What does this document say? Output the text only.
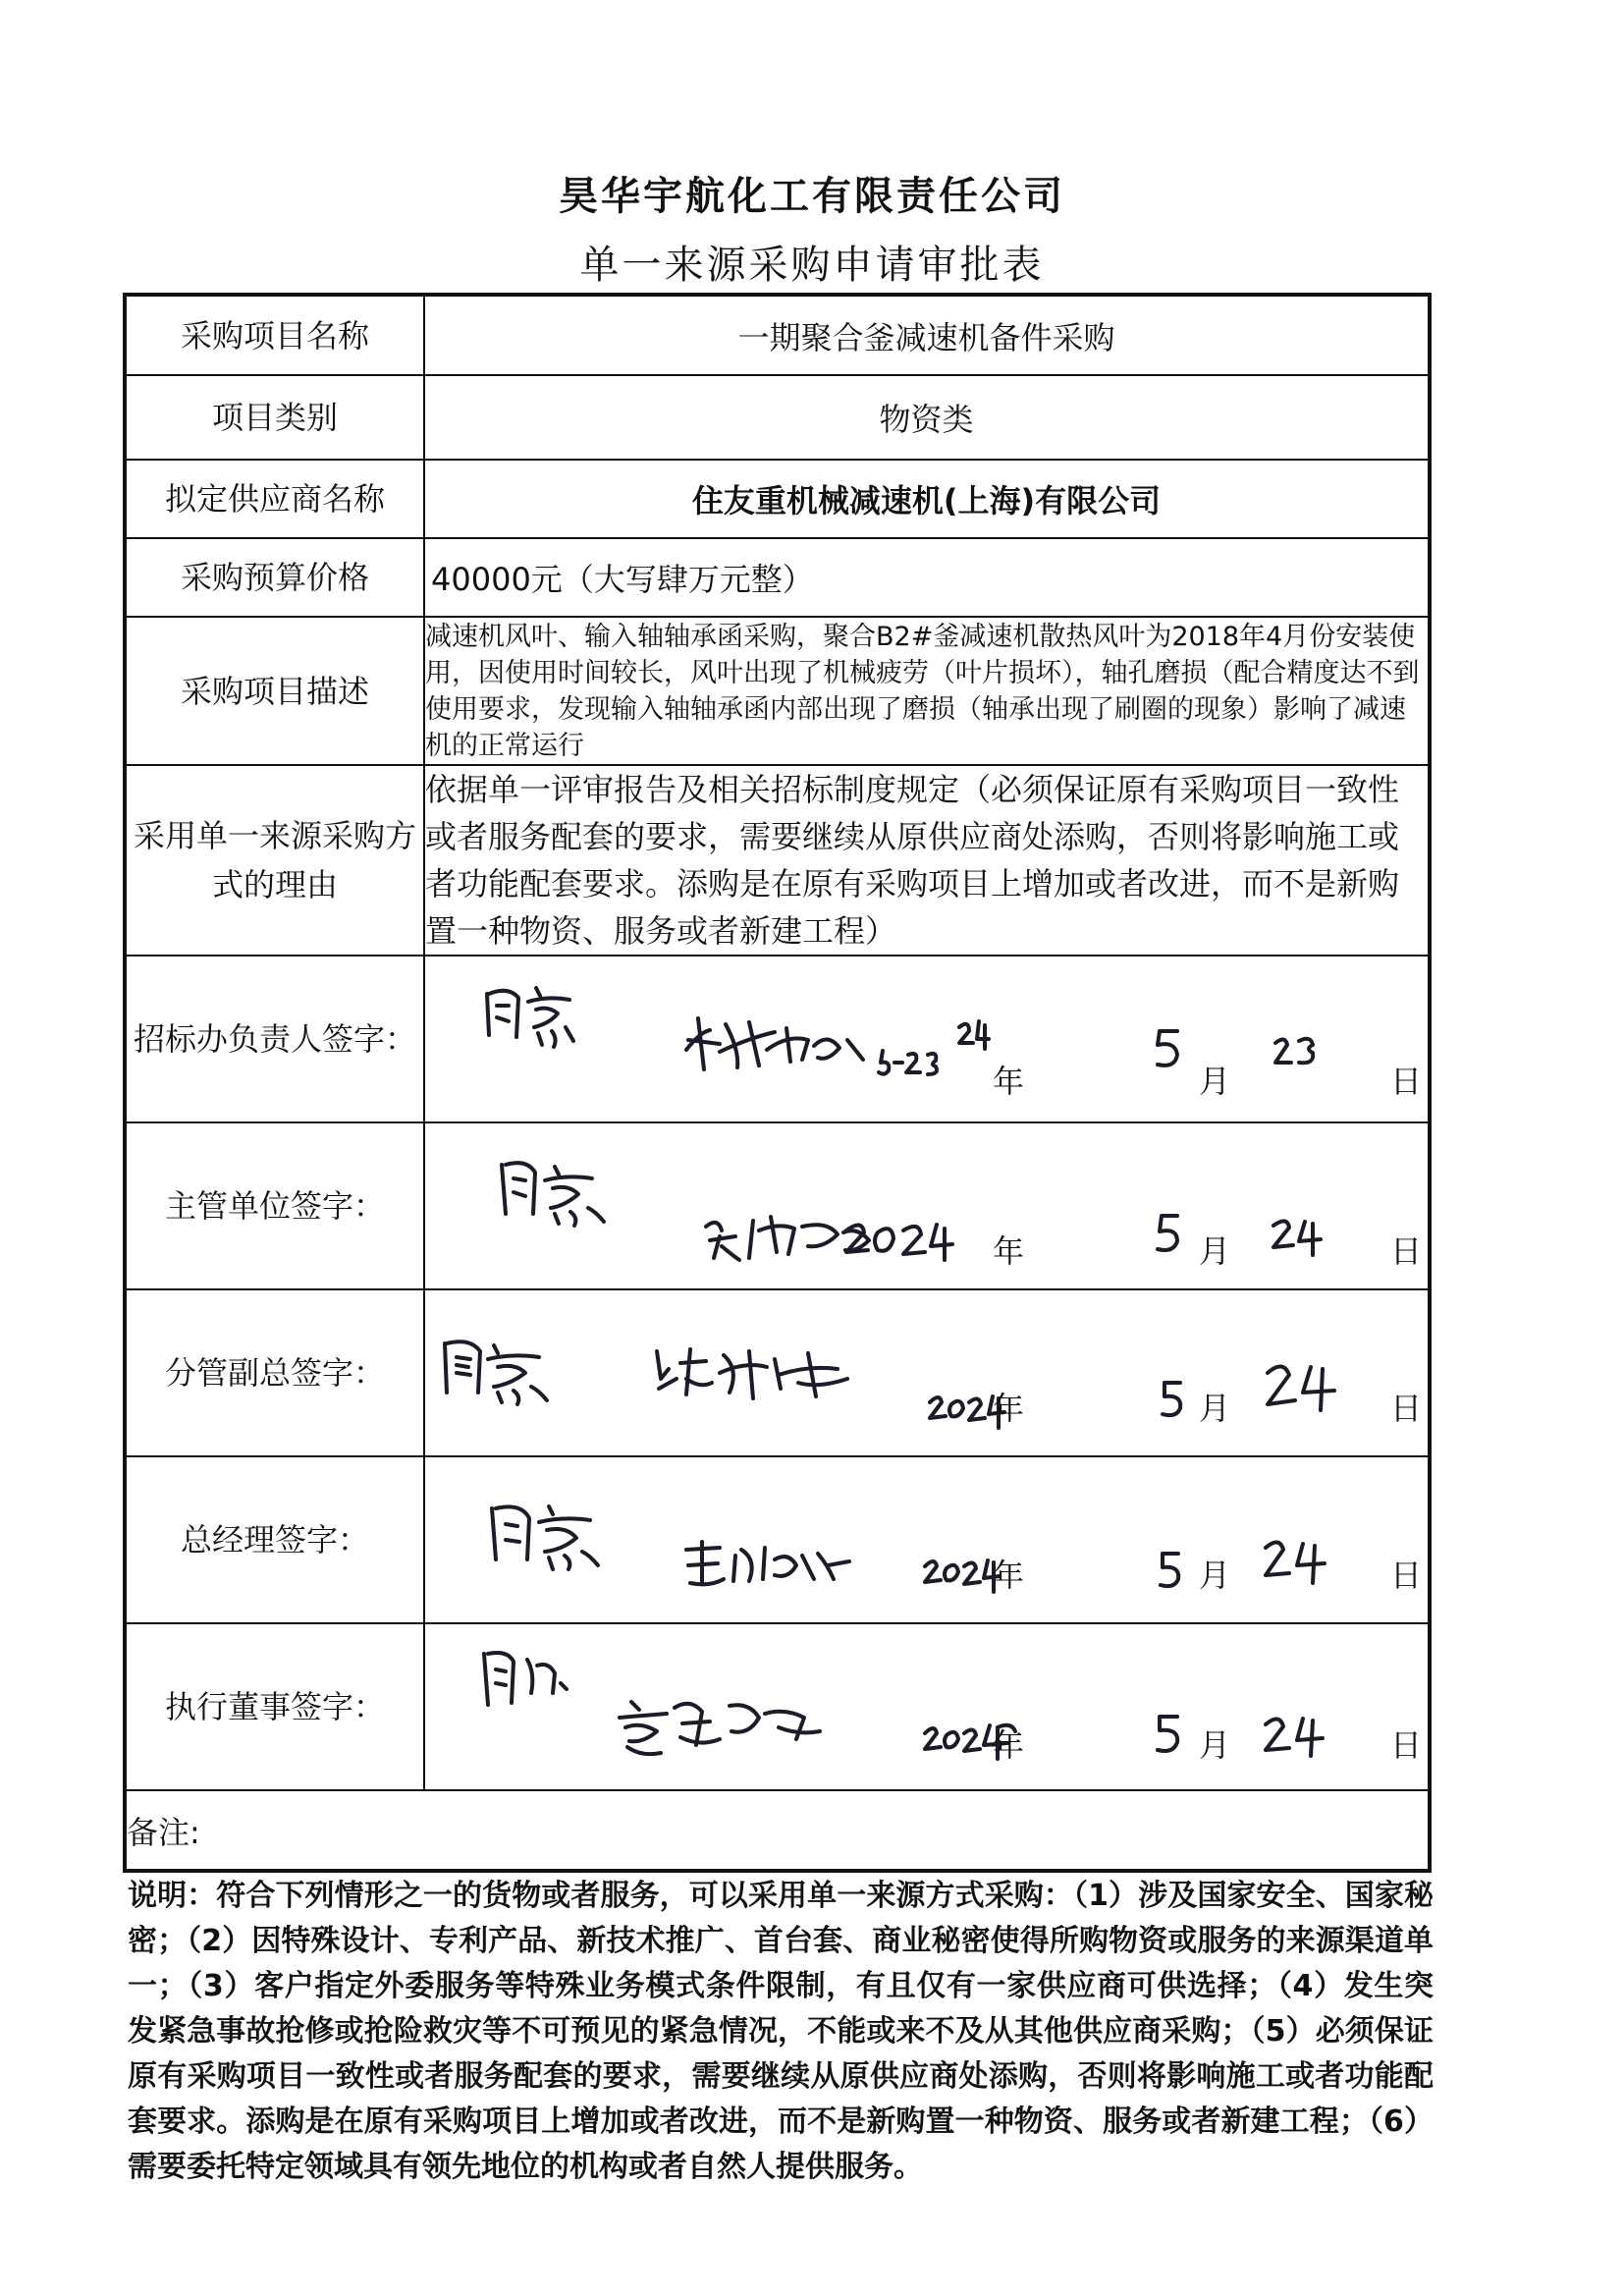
昊华宇航化工有限责任公司
单一来源采购申请审批表
采购项目名称	一期聚合釜减速机备件采购
项目类别	物资类
拟定供应商名称	住友重机械减速机(上海)有限公司
采购预算价格	40000元（大写肆万元整）
采购项目描述	减速机风叶、输入轴轴承函采购，聚合B2#釜减速机散热风叶为2018年4月份安装使用，因使用时间较长，风叶出现了机械疲劳（叶片损坏），轴孔磨损（配合精度达不到使用要求，发现输入轴轴承函内部出现了磨损（轴承出现了刷圈的现象）影响了减速机的正常运行
采用单一来源采购方式的理由	依据单一评审报告及相关招标制度规定（必须保证原有采购项目一致性或者服务配套的要求，需要继续从原供应商处添购，否则将影响施工或者功能配套要求。添购是在原有采购项目上增加或者改进，而不是新购置一种物资、服务或者新建工程）
招标办负责人签字：	年 月 日

主管单位签字：	年 月 日

分管副总签字：	年 月 日

总经理签字：	年 月 日

执行董事签字：	年 月 日

备注:	
说明：符合下列情形之一的货物或者服务，可以采用单一来源方式采购：（1）涉及国家安全、国家秘密；（2）因特殊设计、专利产品、新技术推广、首台套、商业秘密使得所购物资或服务的来源渠道单一；（3）客户指定外委服务等特殊业务模式条件限制，有且仅有一家供应商可供选择；（4）发生突发紧急事故抢修或抢险救灾等不可预见的紧急情况，不能或来不及从其他供应商采购；（5）必须保证原有采购项目一致性或者服务配套的要求，需要继续从原供应商处添购，否则将影响施工或者功能配套要求。添购是在原有采购项目上增加或者改进，而不是新购置一种物资、服务或者新建工程；（6）需要委托特定领域具有领先地位的机构或者自然人提供服务。
